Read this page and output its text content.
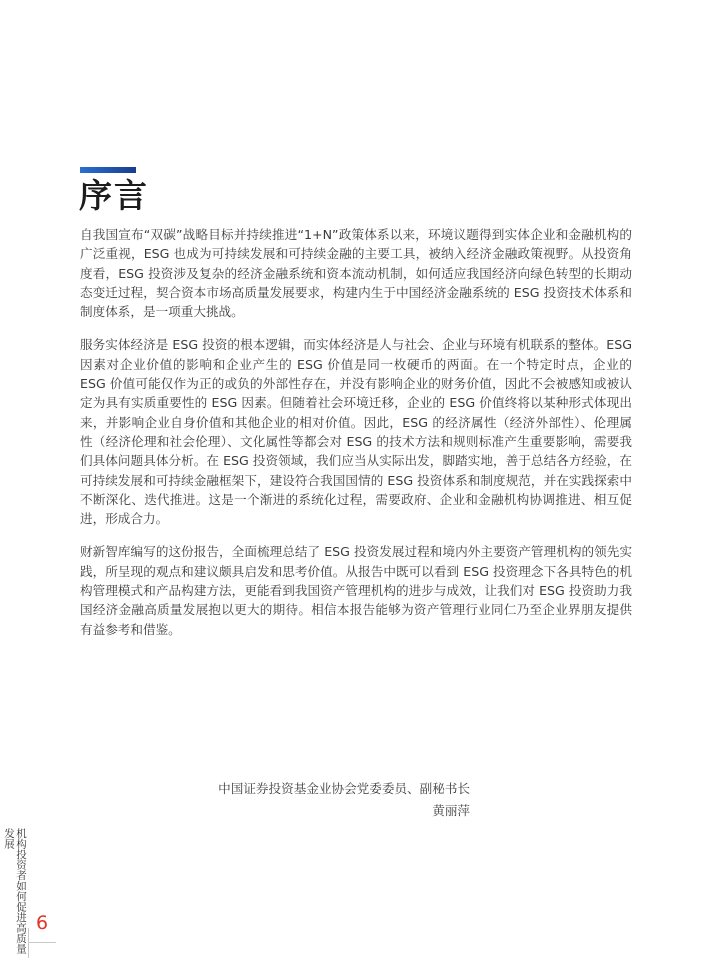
序言

自我国宣布“双碳”战略目标并持续推进“1+N”政策体系以来，环境议题得到实体企业和金融机构的广泛重视，ESG 也成为可持续发展和可持续金融的主要工具，被纳入经济金融政策视野。从投资角度看，ESG 投资涉及复杂的经济金融系统和资本流动机制，如何适应我国经济向绿色转型的长期动态变迁过程，契合资本市场高质量发展要求，构建内生于中国经济金融系统的 ESG 投资技术体系和制度体系，是一项重大挑战。

服务实体经济是 ESG 投资的根本逻辑，而实体经济是人与社会、企业与环境有机联系的整体。ESG 因素对企业价值的影响和企业产生的 ESG 价值是同一枚硬币的两面。在一个特定时点，企业的 ESG 价值可能仅作为正的或负的外部性存在，并没有影响企业的财务价值，因此不会被感知或被认定为具有实质重要性的 ESG 因素。但随着社会环境迁移，企业的 ESG 价值终将以某种形式体现出来，并影响企业自身价值和其他企业的相对价值。因此，ESG 的经济属性（经济外部性）、伦理属性（经济伦理和社会伦理）、文化属性等都会对 ESG 的技术方法和规则标准产生重要影响，需要我们具体问题具体分析。在 ESG 投资领域，我们应当从实际出发，脚踏实地，善于总结各方经验，在可持续发展和可持续金融框架下，建设符合我国国情的 ESG 投资体系和制度规范，并在实践探索中不断深化、迭代推进。这是一个渐进的系统化过程，需要政府、企业和金融机构协调推进、相互促进，形成合力。

财新智库编写的这份报告，全面梳理总结了 ESG 投资发展过程和境内外主要资产管理机构的领先实践，所呈现的观点和建议颇具启发和思考价值。从报告中既可以看到 ESG 投资理念下各具特色的机构管理模式和产品构建方法，更能看到我国资产管理机构的进步与成效，让我们对 ESG 投资助力我国经济金融高质量发展抱以更大的期待。相信本报告能够为资产管理行业同仁乃至企业界朋友提供有益参考和借鉴。

中国证券投资基金业协会党委委员、副秘书长
黄丽萍
机构投资者如何促进高质量发展
6
